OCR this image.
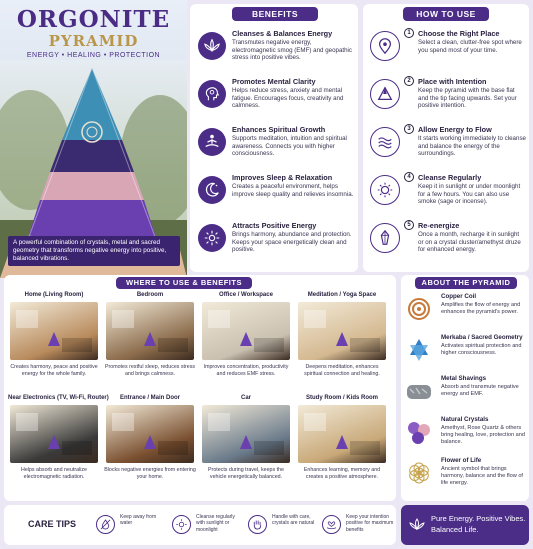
ORGONITE
PYRAMID
ENERGY • HEALING • PROTECTION
A powerful combination of crystals, metal and sacred geometry that transforms negative energy into positive, balanced vibrations.
BENEFITS
Cleanses & Balances Energy
Transmutes negative energy, electromagnetic smog (EMF) and geopathic stress into positive vibes.
Promotes Mental Clarity
Helps reduce stress, anxiety and mental fatigue. Encourages focus, creativity and calmness.
Enhances Spiritual Growth
Supports meditation, intuition and spiritual awareness. Connects you with higher consciousness.
Improves Sleep & Relaxation
Creates a peaceful environment, helps improve sleep quality and relieves insomnia.
Attracts Positive Energy
Brings harmony, abundance and protection. Keeps your space energetically clean and positive.
HOW TO USE
1	Choose the Right Place
Select a clean, clutter-free spot where you spend most of your time.
2	Place with Intention
Keep the pyramid with the base flat and the tip facing upwards. Set your positive intention.
3	Allow Energy to Flow
It starts working immediately to cleanse and balance the energy of the surroundings.
4	Cleanse Regularly
Keep it in sunlight or under moonlight for a few hours. You can also use smoke (sage or incense).
5	Re-energize
Once a month, recharge it in sunlight or on a crystal cluster/amethyst druze for enhanced energy.
WHERE TO USE & BENEFITS
Home (Living Room)
Creates harmony, peace and positive energy for the whole family.
Bedroom
Promotes restful sleep, reduces stress and brings calmness.
Office / Workspace
Improves concentration, productivity and reduces EMF stress.
Meditation / Yoga Space
Deepens meditation, enhances spiritual connection and healing.
Near Electronics (TV, Wi-Fi, Router)
Helps absorb and neutralize electromagnetic radiation.
Entrance / Main Door
Blocks negative energies from entering your home.
Car
Protects during travel, keeps the vehicle energetically balanced.
Study Room / Kids Room
Enhances learning, memory and creates a positive atmosphere.
ABOUT THE PYRAMID
Copper Coil
Amplifies the flow of energy and enhances the pyramid's power.
Merkaba / Sacred Geometry
Activates spiritual protection and higher consciousness.
Metal Shavings
Absorb and transmute negative energy and EMF.
Natural Crystals
Amethyst, Rose Quartz & others bring healing, love, protection and balance.
Flower of Life
Ancient symbol that brings harmony, balance and the flow of life energy.
CARE TIPS
Keep away from water
Cleanse regularly with sunlight or moonlight
Handle with care, crystals are natural
Keep your intention positive for maximum benefits
Pure Energy. Positive Vibes.
Balanced Life.
